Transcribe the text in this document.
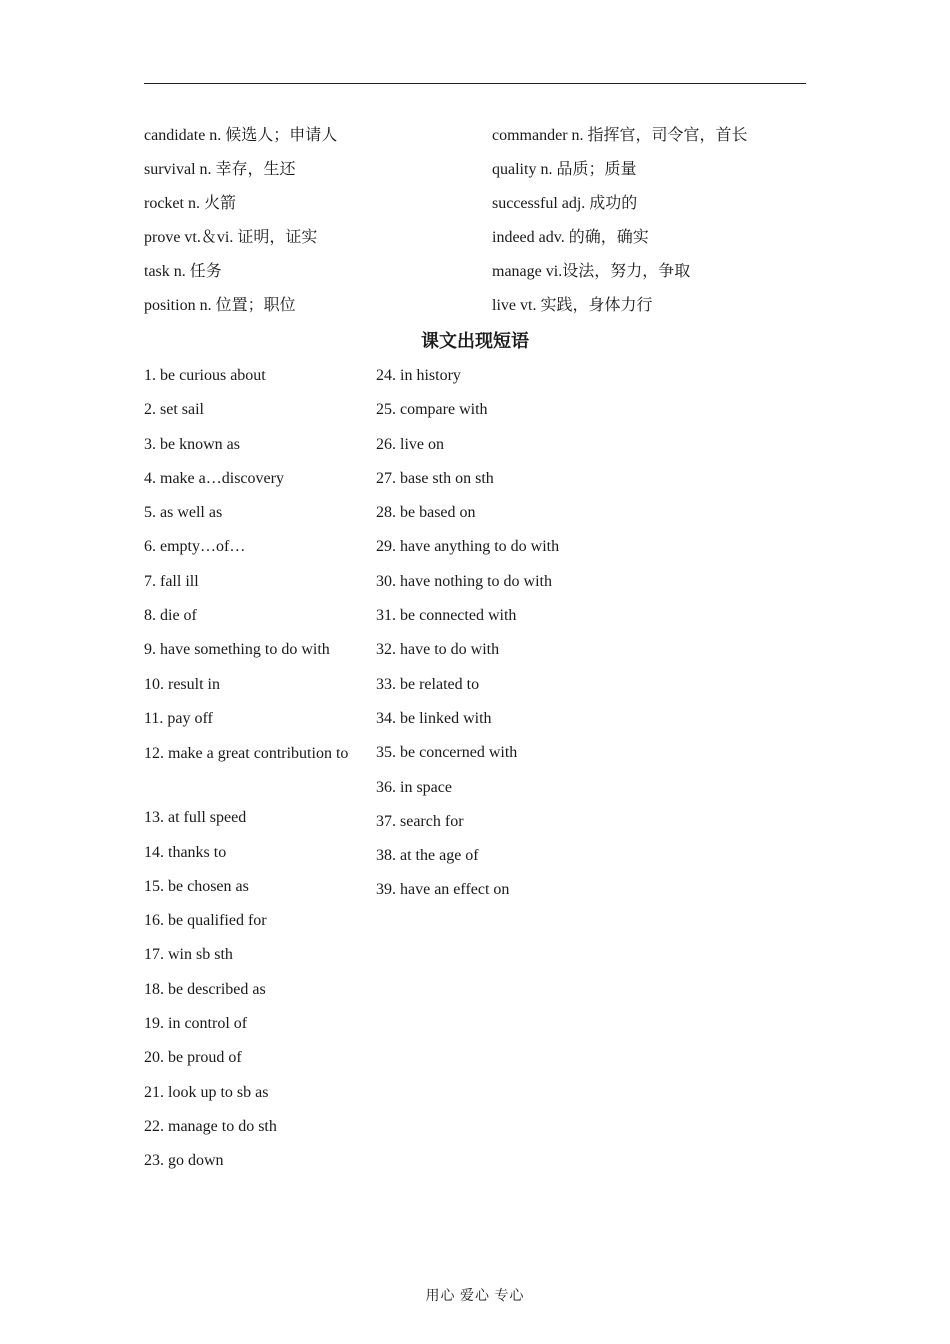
candidate n. 候选人；申请人	commander n. 指挥官，司令官，首长
survival n. 幸存，生还	quality n. 品质；质量
rocket n. 火箭	successful adj. 成功的
prove vt.＆vi. 证明，证实	indeed adv. 的确，确实
task n. 任务	manage vi.设法，努力，争取
position n. 位置；职位	live vt. 实践，身体力行
课文出现短语
1. be curious about
2. set sail
3. be known as
4. make a…discovery
5. as well as
6. empty…of…
7. fall ill
8. die of
9. have something to do with
10. result in
11. pay off
12. make a great contribution to
13. at full speed
14. thanks to
15. be chosen as
16. be qualified for
17. win sb sth
18. be described as
19. in control of
20. be proud of
21. look up to sb as
22. manage to do sth
23. go down
24. in history
25. compare with
26. live on
27. base sth on sth
28. be based on
29. have anything to do with
30. have nothing to do with
31. be connected with
32. have to do with
33. be related to
34. be linked with
35. be concerned with
36. in space
37. search for
38. at the age of
39. have an effect on
用心 爱心 专心
